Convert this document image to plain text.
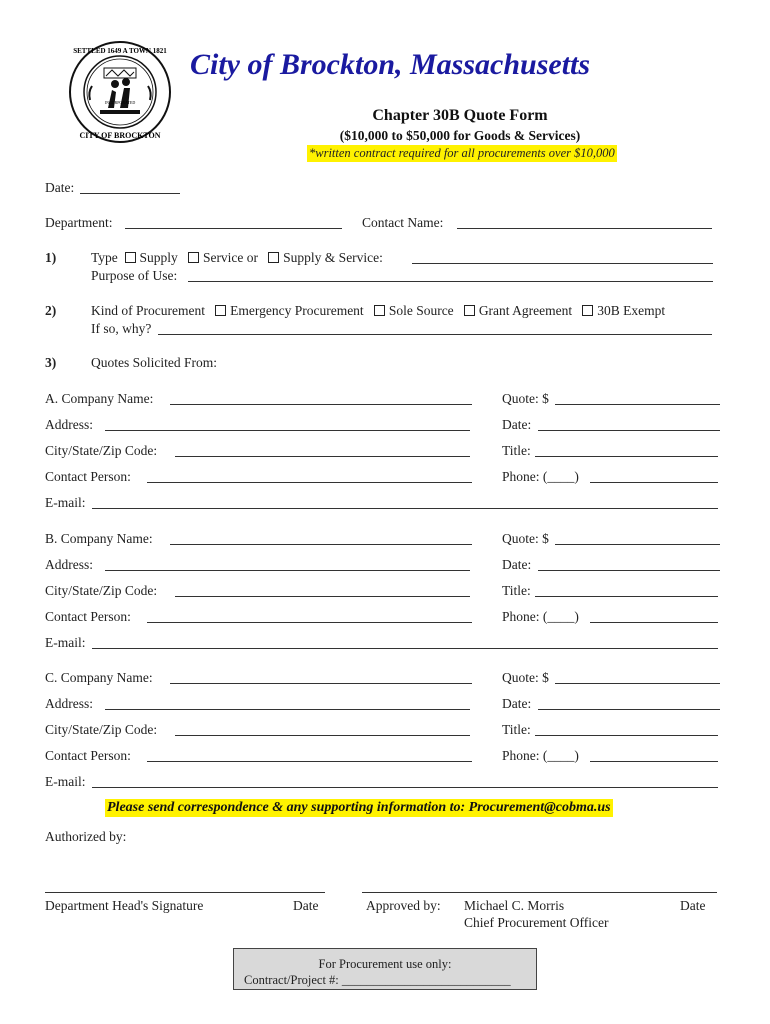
SETTLED 1649 A TOWN 1821
CITY OF BROCKTON
INCORPORATED
City of Brockton, Massachusetts
Chapter 30B Quote Form
($10,000 to $50,000 for Goods & Services)
*written contract required for all procurements over $10,000
Date:
Department:	Contact Name:
1)	Type Supply Service or Supply & Service:
Purpose of Use:
2)	Kind of Procurement Emergency Procurement Sole Source Grant Agreement 30B Exempt
If so, why?
3)	Quotes Solicited From:
A. Company Name:	Quote: $
Address:	Date:
City/State/Zip Code:	Title:
Contact Person:	Phone: (____)
E-mail:
B. Company Name:	Quote: $
Address:	Date:
City/State/Zip Code:	Title:
Contact Person:	Phone: (____)
E-mail:
C. Company Name:	Quote: $
Address:	Date:
City/State/Zip Code:	Title:
Contact Person:	Phone: (____)
E-mail:
Please send correspondence & any supporting information to: Procurement@cobma.us
Authorized by:
Department Head's Signature	Date	Approved by: Michael C. Morris
Chief Procurement Officer
Date
For Procurement use only:
Contract/Project #: ___________________________
